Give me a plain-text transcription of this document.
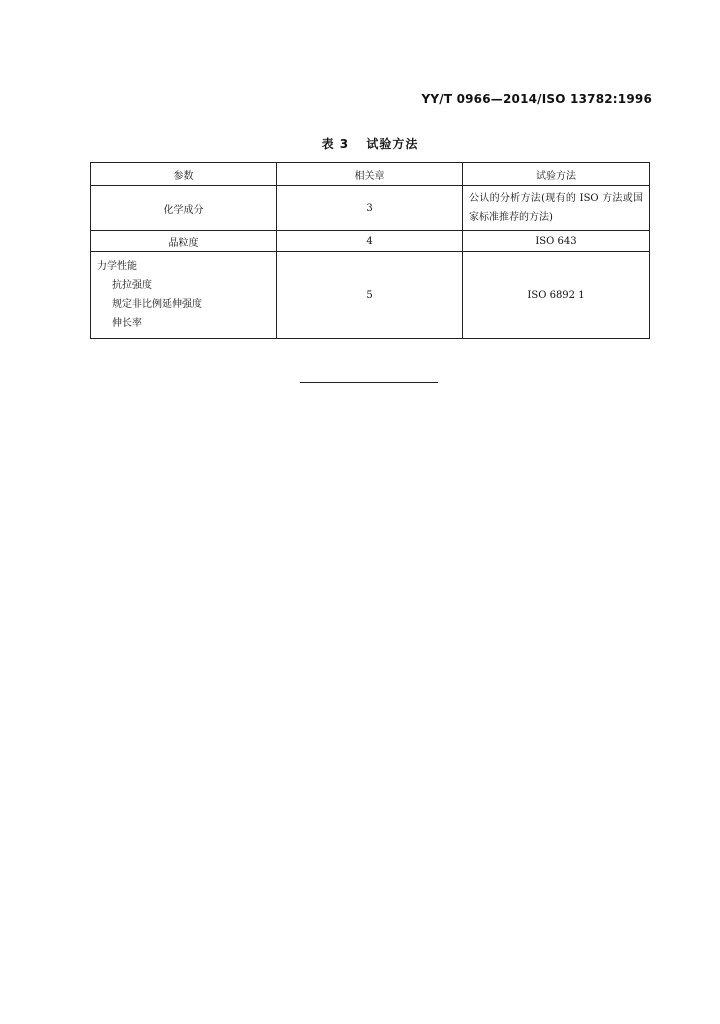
YY/T 0966—2014/ISO 13782:1996
表 3 试验方法
参数	相关章	试验方法
化学成分	3	公认的分析方法(现有的 ISO 方法或国家标准推荐的方法)
晶粒度	4	ISO 643

力学性能
抗拉强度
规定非比例延伸强度
伸长率	5	ISO 6892 1
